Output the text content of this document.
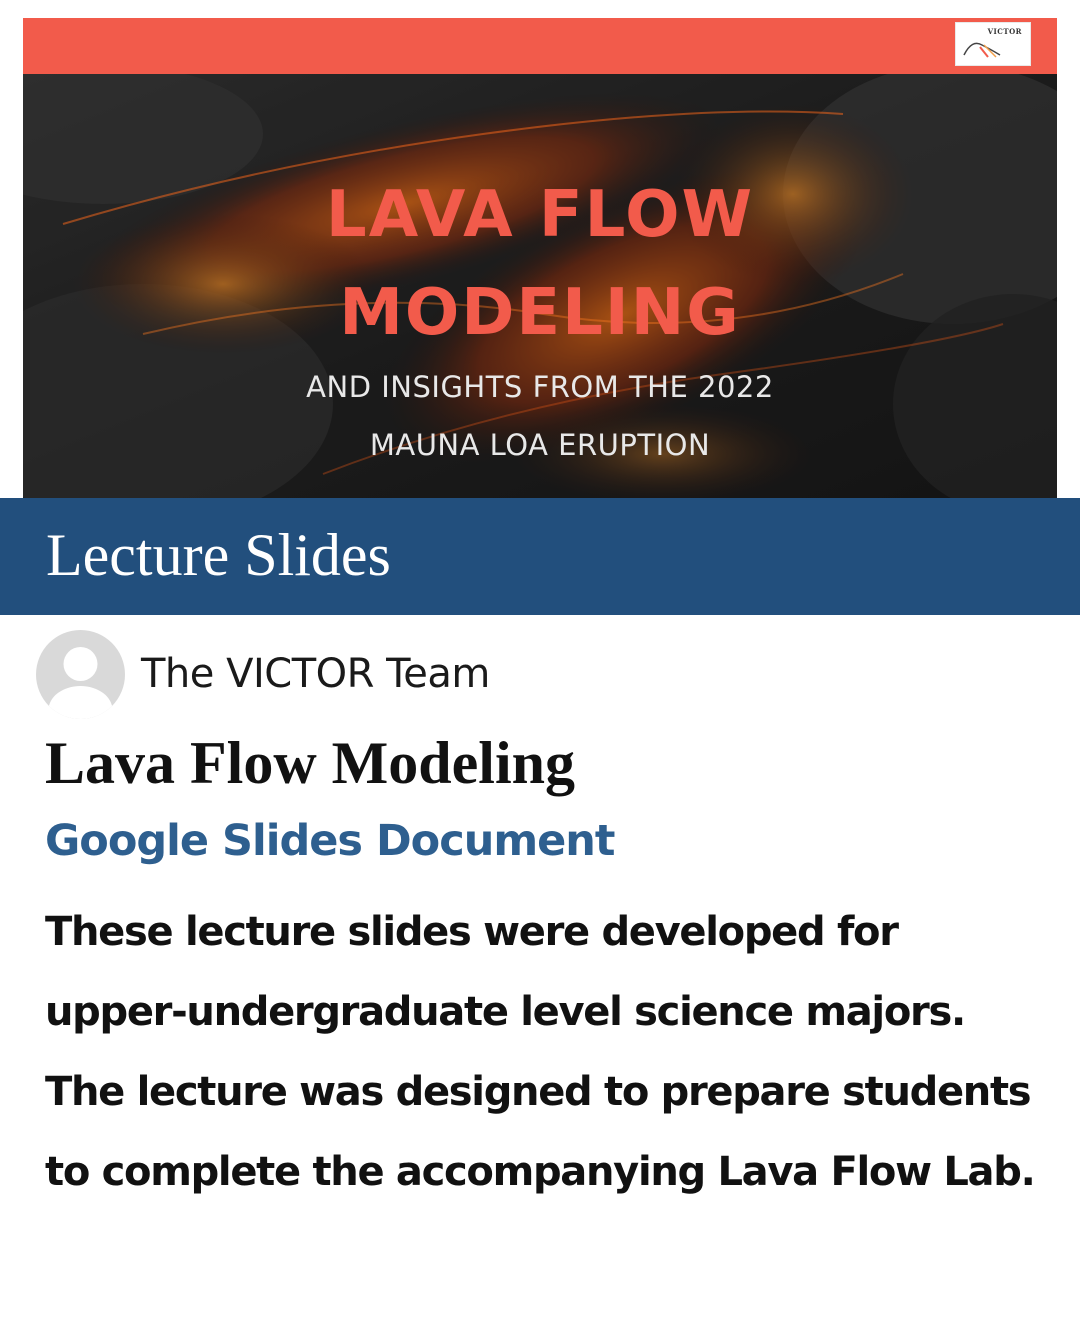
VICTOR
LAVA FLOW
MODELING
AND INSIGHTS FROM THE 2022
MAUNA LOA ERUPTION
Lecture Slides
The VICTOR Team
Lava Flow Modeling
Google Slides Document
These lecture slides were developed for
upper-undergraduate level science majors.
The lecture was designed to prepare students
to complete the accompanying Lava Flow Lab.
